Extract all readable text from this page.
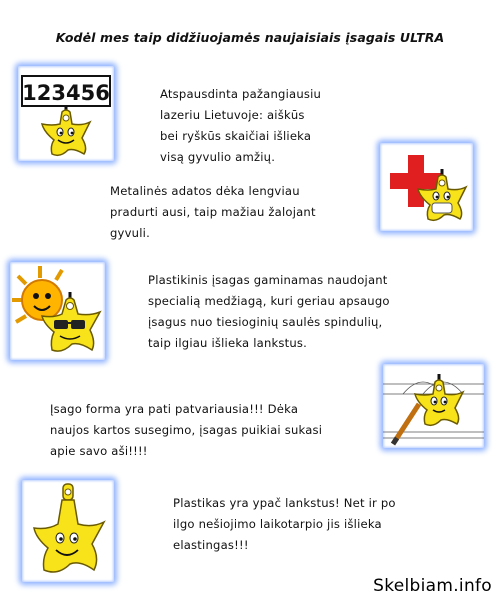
Kodėl mes taip didžiuojamės naujaisiais įsagais ULTRA
123456	Atspausdinta pažangiausiu
lazeriu Lietuvoje: aiškūs
bei ryškūs skaičiai išlieka
visą gyvulio amžių.
Metalinės adatos dėka lengviau
pradurti ausi, taip mažiau žalojant
gyvuli.
Plastikinis įsagas gaminamas naudojant
specialią medžiagą, kuri geriau apsaugo
įsagus nuo tiesioginių saulės spindulių,
taip ilgiau išlieka lankstus.
Įsago forma yra pati patvariausia!!! Dėka
naujos kartos susegimo, įsagas puikiai sukasi
apie savo aši!!!!
Plastikas yra ypač lankstus! Net ir po
ilgo nešiojimo laikotarpio jis išlieka
elastingas!!!
Skelbiam.info
